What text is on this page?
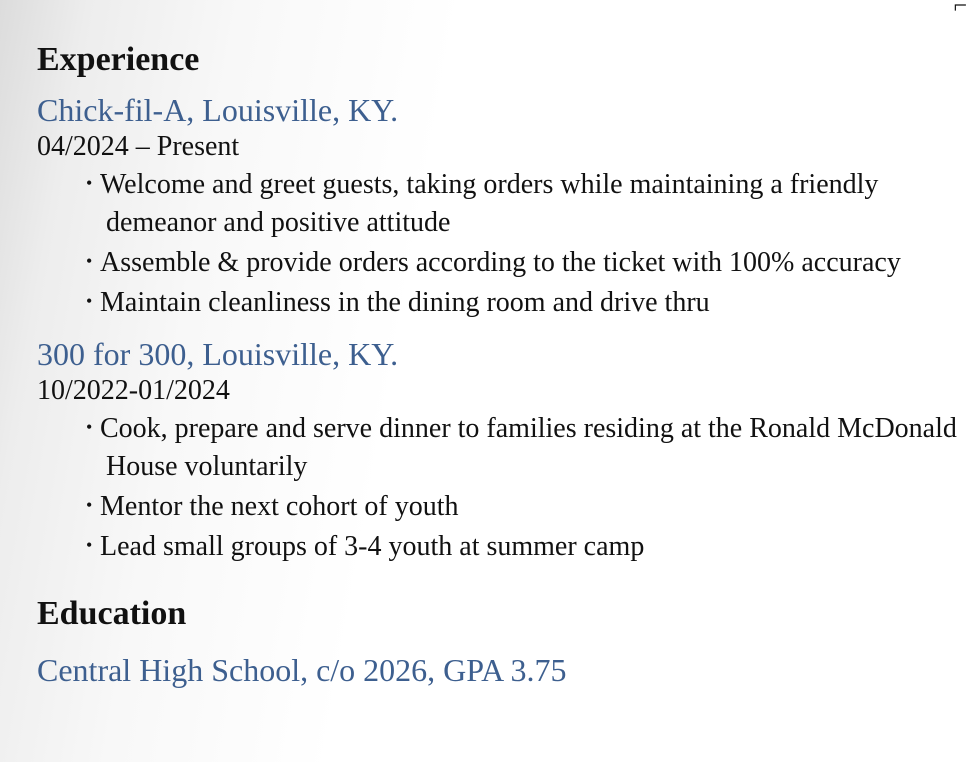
⌐
Experience
Chick-fil-A, Louisville, KY.
04/2024 – Present
• Welcome and greet guests, taking orders while maintaining a friendly demeanor and positive attitude
• Assemble & provide orders according to the ticket with 100% accuracy
• Maintain cleanliness in the dining room and drive thru
300 for 300, Louisville, KY.
10/2022-01/2024
• Cook, prepare and serve dinner to families residing at the Ronald McDonald House voluntarily
• Mentor the next cohort of youth
• Lead small groups of 3-4 youth at summer camp
Education
Central High School, c/o 2026, GPA 3.75
